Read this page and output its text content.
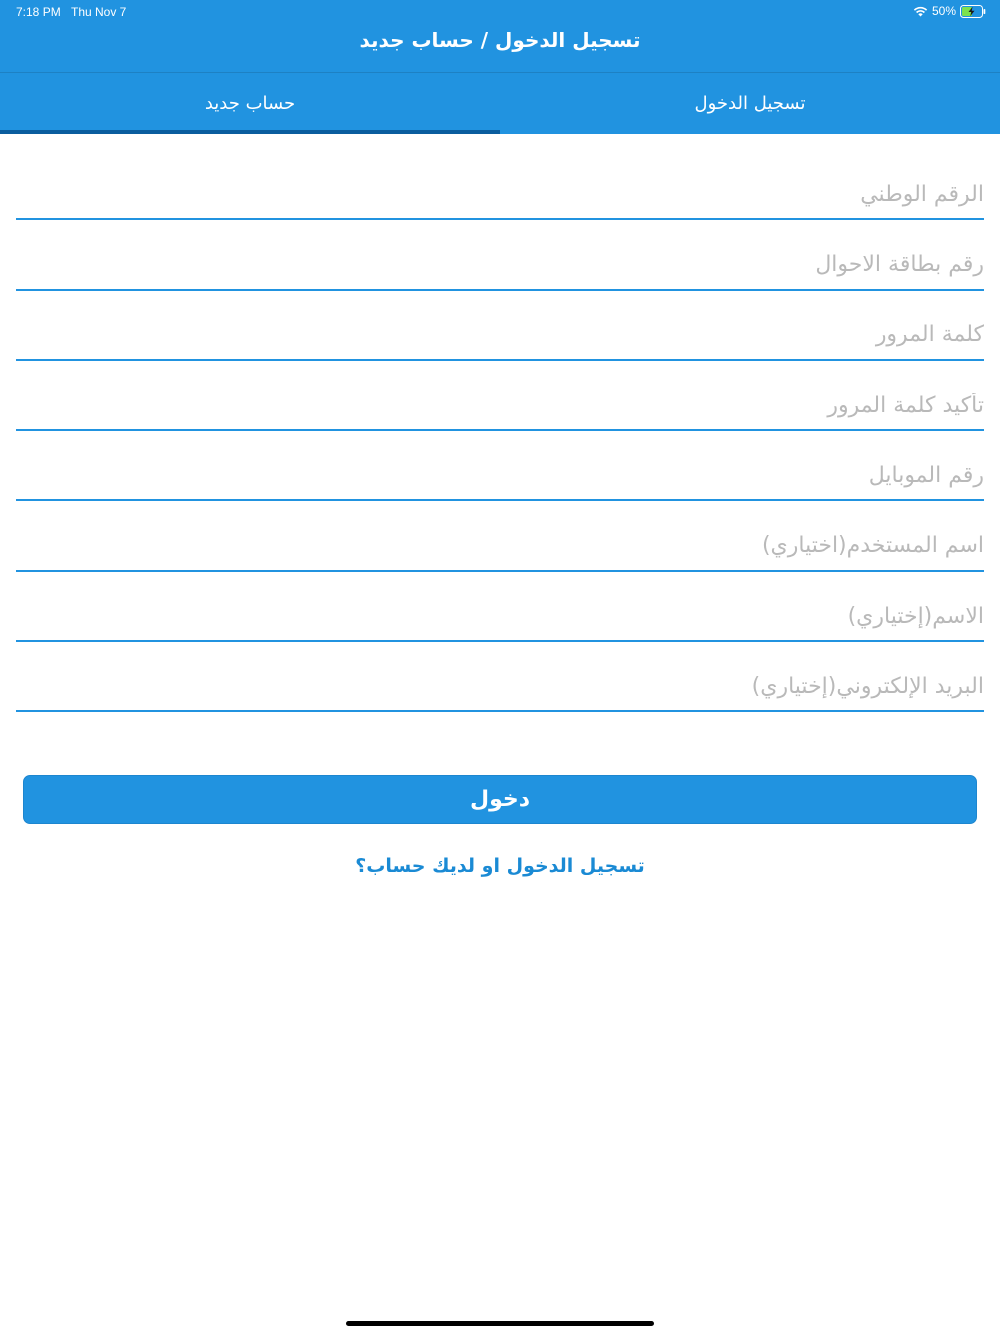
7:18 PM Thu Nov 7	50%
تسجيل الدخول / حساب جديد
تسجيل الدخول
حساب جديد
الرقم الوطني
رقم بطاقة الاحوال
رقم الموبايل
اسم المستخدم(اختياري)
الاسم(إختياري)
البريد الإلكتروني(إختياري)
دخول
تسجيل الدخول او لديك حساب؟
